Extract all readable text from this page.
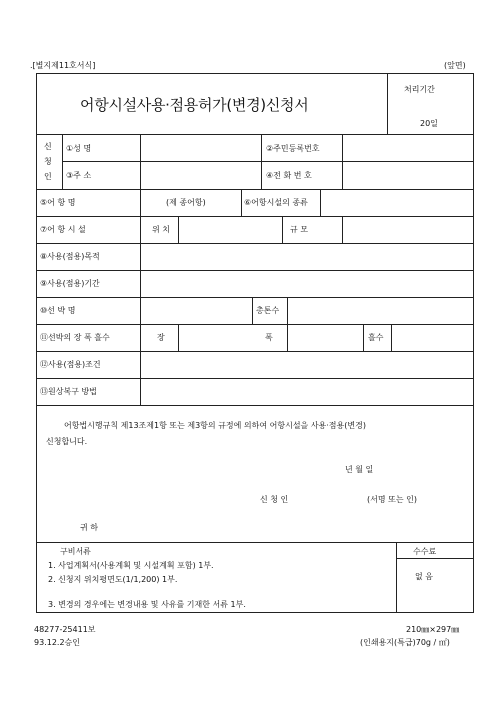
.[별지제11호서식]	(앞면)
어항시설사용·점용허가(변경)신청서
처리기간
20일
신
청
인
①성 명	②주민등록번호
③주 소	④전 화 번 호
⑤어 항 명	(제 종어항)	⑥어항시설의 종류
⑦어 항 시 설	위 치	규 모
⑧사용(점용)목적
⑨사용(점용)기간
⑩선 박 명	총톤수
⑪선박의 장 폭 흘수	장	폭	흘수
⑫사용(점용)조건
⑬원상복구 방법
어항법시행규칙 제13조제1항 또는 제3항의 규정에 의하여 어항시설을 사용·점용(변경)
신청합니다.
년 월 일
신 청 인	(서명 또는 인)
귀 하
구비서류
1. 사업계획서(사용계획 및 시설계획 포함) 1부.
2. 신청지 위치평면도(1/1,200) 1부.
3. 변경의 경우에는 변경내용 및 사유를 기재한 서류 1부.
수수료
없 음
48277-25411보
93.12.2승인
210㎜×297㎜
(인쇄용지(특급)70g / ㎡)
